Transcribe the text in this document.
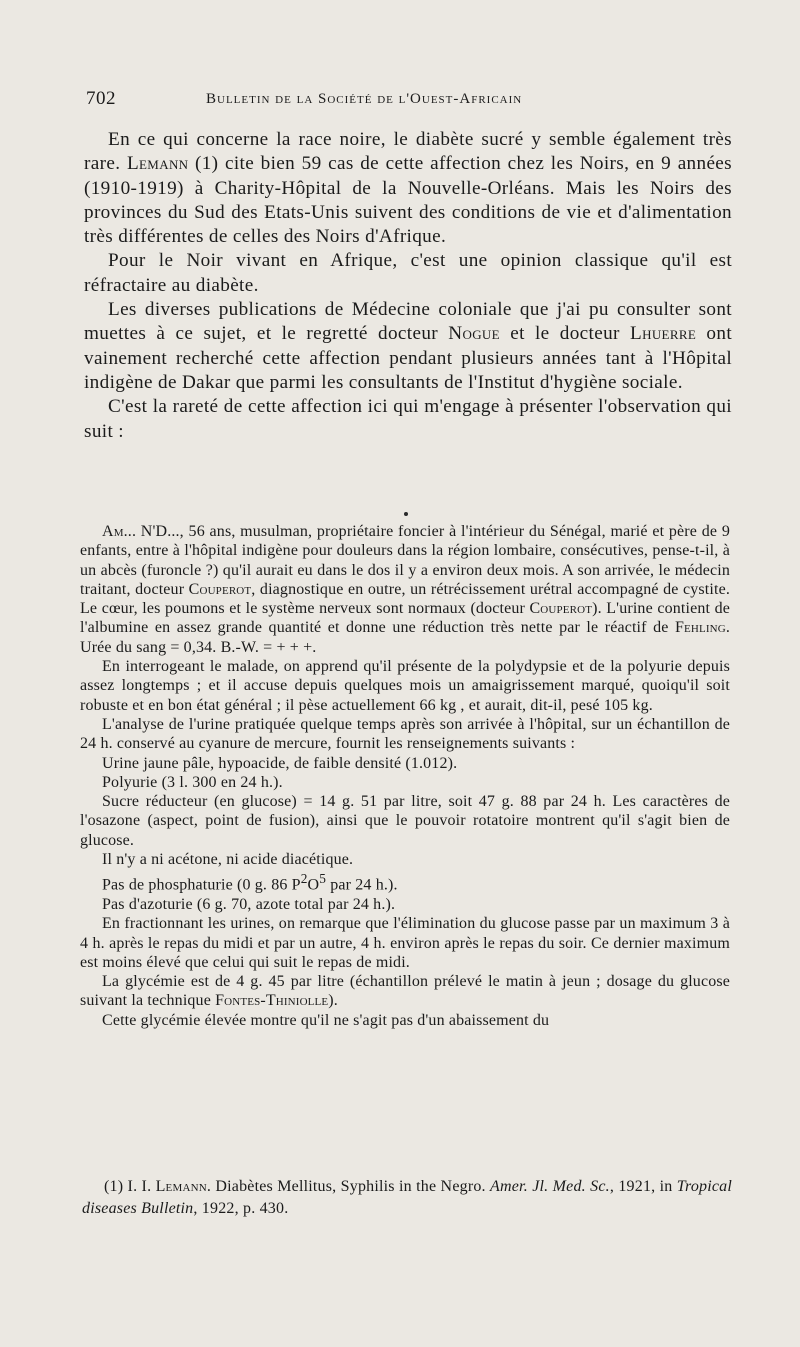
702	Bulletin de la Société de l'Ouest-Africain

En ce qui concerne la race noire, le diabète sucré y semble également très rare. Lemann (1) cite bien 59 cas de cette affection chez les Noirs, en 9 années (1910-1919) à Charity-Hôpital de la Nouvelle-Orléans. Mais les Noirs des provinces du Sud des Etats-Unis suivent des conditions de vie et d'alimentation très différentes de celles des Noirs d'Afrique.

Pour le Noir vivant en Afrique, c'est une opinion classique qu'il est réfractaire au diabète.

Les diverses publications de Médecine coloniale que j'ai pu consulter sont muettes à ce sujet, et le regretté docteur Nogue et le docteur Lhuerre ont vainement recherché cette affection pendant plusieurs années tant à l'Hôpital indigène de Dakar que parmi les consultants de l'Institut d'hygiène sociale.

C'est la rareté de cette affection ici qui m'engage à présenter l'observation qui suit :

Am... N'D..., 56 ans, musulman, propriétaire foncier à l'intérieur du Sénégal, marié et père de 9 enfants, entre à l'hôpital indigène pour douleurs dans la région lombaire, consécutives, pense-t-il, à un abcès (furoncle ?) qu'il aurait eu dans le dos il y a environ deux mois. A son arrivée, le médecin traitant, docteur Couperot, diagnostique en outre, un rétrécissement urétral accompagné de cystite. Le cœur, les poumons et le système nerveux sont normaux (docteur Couperot). L'urine contient de l'albumine en assez grande quantité et donne une réduction très nette par le réactif de Fehling. Urée du sang = 0,34. B.-W. = + + +.

En interrogeant le malade, on apprend qu'il présente de la polydypsie et de la polyurie depuis assez longtemps ; et il accuse depuis quelques mois un amaigrissement marqué, quoiqu'il soit robuste et en bon état général ; il pèse actuellement 66 kg , et aurait, dit-il, pesé 105 kg.

L'analyse de l'urine pratiquée quelque temps après son arrivée à l'hôpital, sur un échantillon de 24 h. conservé au cyanure de mercure, fournit les renseignements suivants :

Urine jaune pâle, hypoacide, de faible densité (1.012).

Polyurie (3 l. 300 en 24 h.).

Sucre réducteur (en glucose) = 14 g. 51 par litre, soit 47 g. 88 par 24 h. Les caractères de l'osazone (aspect, point de fusion), ainsi que le pouvoir rotatoire montrent qu'il s'agit bien de glucose.

Il n'y a ni acétone, ni acide diacétique.

Pas de phosphaturie (0 g. 86 $P^2O^5$ par 24 h.).

Pas d'azoturie (6 g. 70, azote total par 24 h.).

En fractionnant les urines, on remarque que l'élimination du glucose passe par un maximum 3 à 4 h. après le repas du midi et par un autre, 4 h. environ après le repas du soir. Ce dernier maximum est moins élevé que celui qui suit le repas de midi.

La glycémie est de 4 g. 45 par litre (échantillon prélevé le matin à jeun ; dosage du glucose suivant la technique Fontes-Thiniolle).

Cette glycémie élevée montre qu'il ne s'agit pas d'un abaissement du

(1) I. I. Lemann. Diabètes Mellitus, Syphilis in the Negro. Amer. Jl. Med. Sc., 1921, in Tropical diseases Bulletin, 1922, p. 430.
